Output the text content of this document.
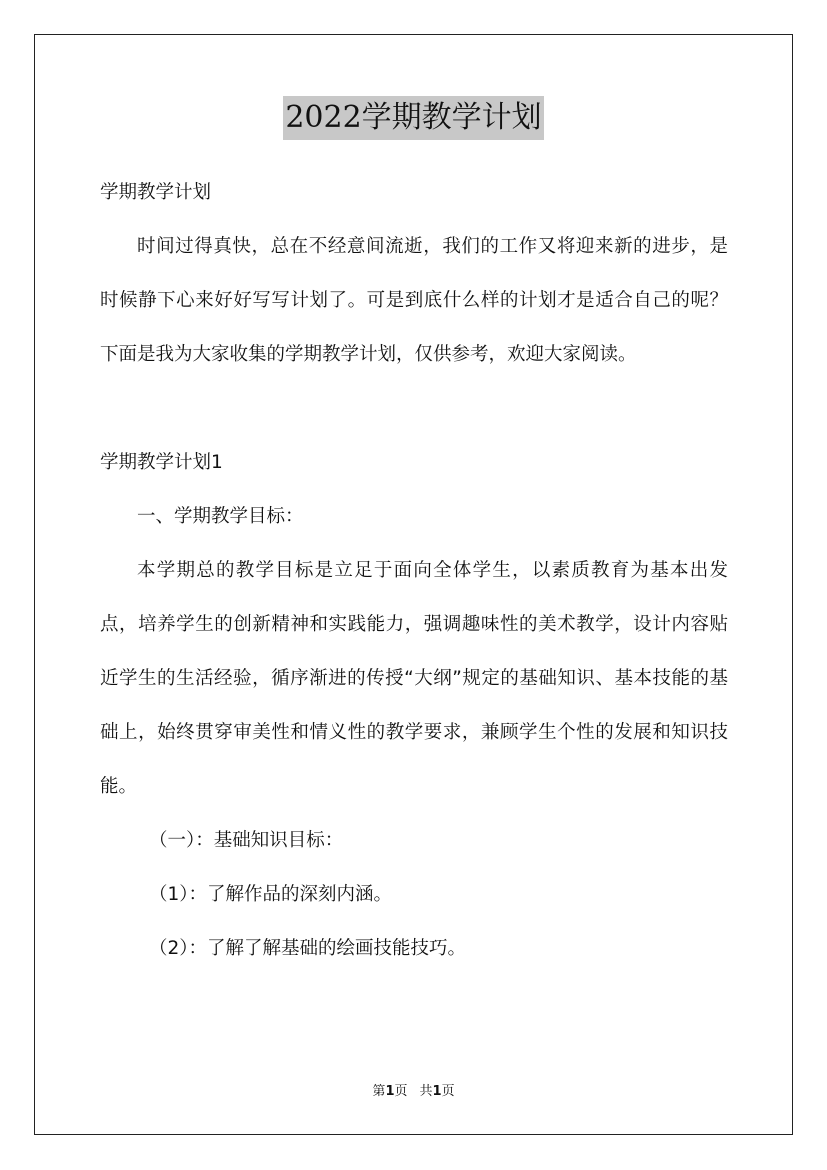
2022学期教学计划

学期教学计划

时间过得真快，总在不经意间流逝，我们的工作又将迎来新的进步，是时候静下心来好好写写计划了。可是到底什么样的计划才是适合自己的呢？下面是我为大家收集的学期教学计划，仅供参考，欢迎大家阅读。

学期教学计划1

一、学期教学目标：

本学期总的教学目标是立足于面向全体学生，以素质教育为基本出发点，培养学生的创新精神和实践能力，强调趣味性的美术教学，设计内容贴近学生的生活经验，循序渐进的传授“大纲”规定的基础知识、基本技能的基础上，始终贯穿审美性和情义性的教学要求，兼顾学生个性的发展和知识技能。

（一）：基础知识目标：

（1）：了解作品的深刻内涵。

（2）：了解了解基础的绘画技能技巧。

第1页 共1页
